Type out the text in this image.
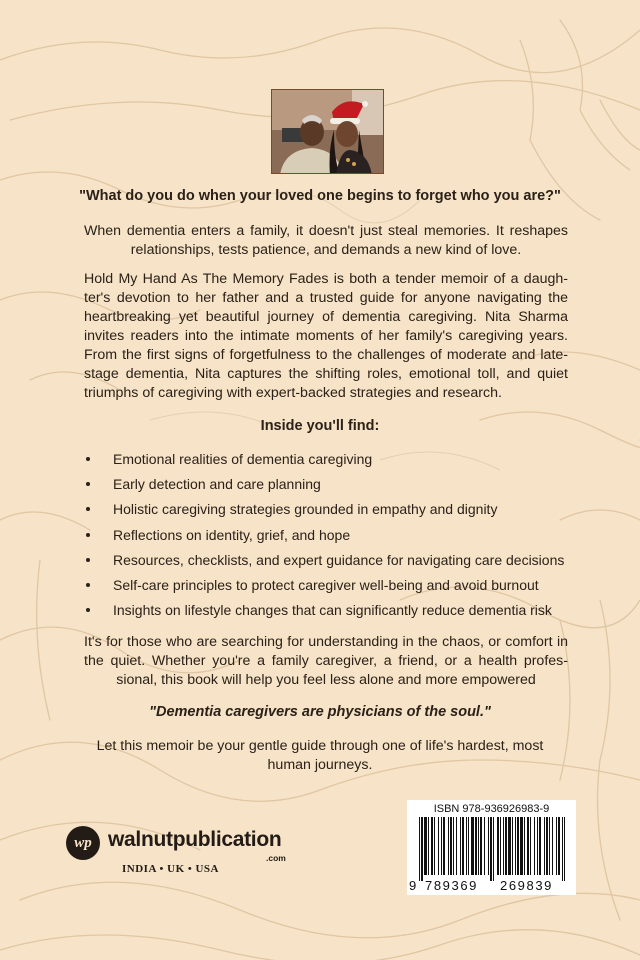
"What do you do when your loved one begins to forget who you are?"
When dementia enters a family, it doesn't just steal memories. It reshapes relationships, tests patience, and demands a new kind of love.
Hold My Hand As The Memory Fades is both a tender memoir of a daughter's devotion to her father and a trusted guide for anyone navigating the heartbreaking yet beautiful journey of dementia caregiving. Nita Sharma invites readers into the intimate moments of her family's caregiving years. From the first signs of forgetfulness to the challenges of moderate and late-stage dementia, Nita captures the shifting roles, emotional toll, and quiet triumphs of caregiving with expert-backed strategies and research.
Inside you'll find:
Emotional realities of dementia caregiving
Early detection and care planning
Holistic caregiving strategies grounded in empathy and dignity
Reflections on identity, grief, and hope
Resources, checklists, and expert guidance for navigating care decisions
Self-care principles to protect caregiver well-being and avoid burnout
Insights on lifestyle changes that can significantly reduce dementia risk
It's for those who are searching for understanding in the chaos, or comfort in the quiet. Whether you're a family caregiver, a friend, or a health professional, this book will help you feel less alone and more empowered
"Dementia caregivers are physicians of the soul."
Let this memoir be your gentle guide through one of life's hardest, most human journeys.
wp walnutpublication
.com
INDIA • UK • USA
ISBN 978-936926983-9
9 789369 269839
